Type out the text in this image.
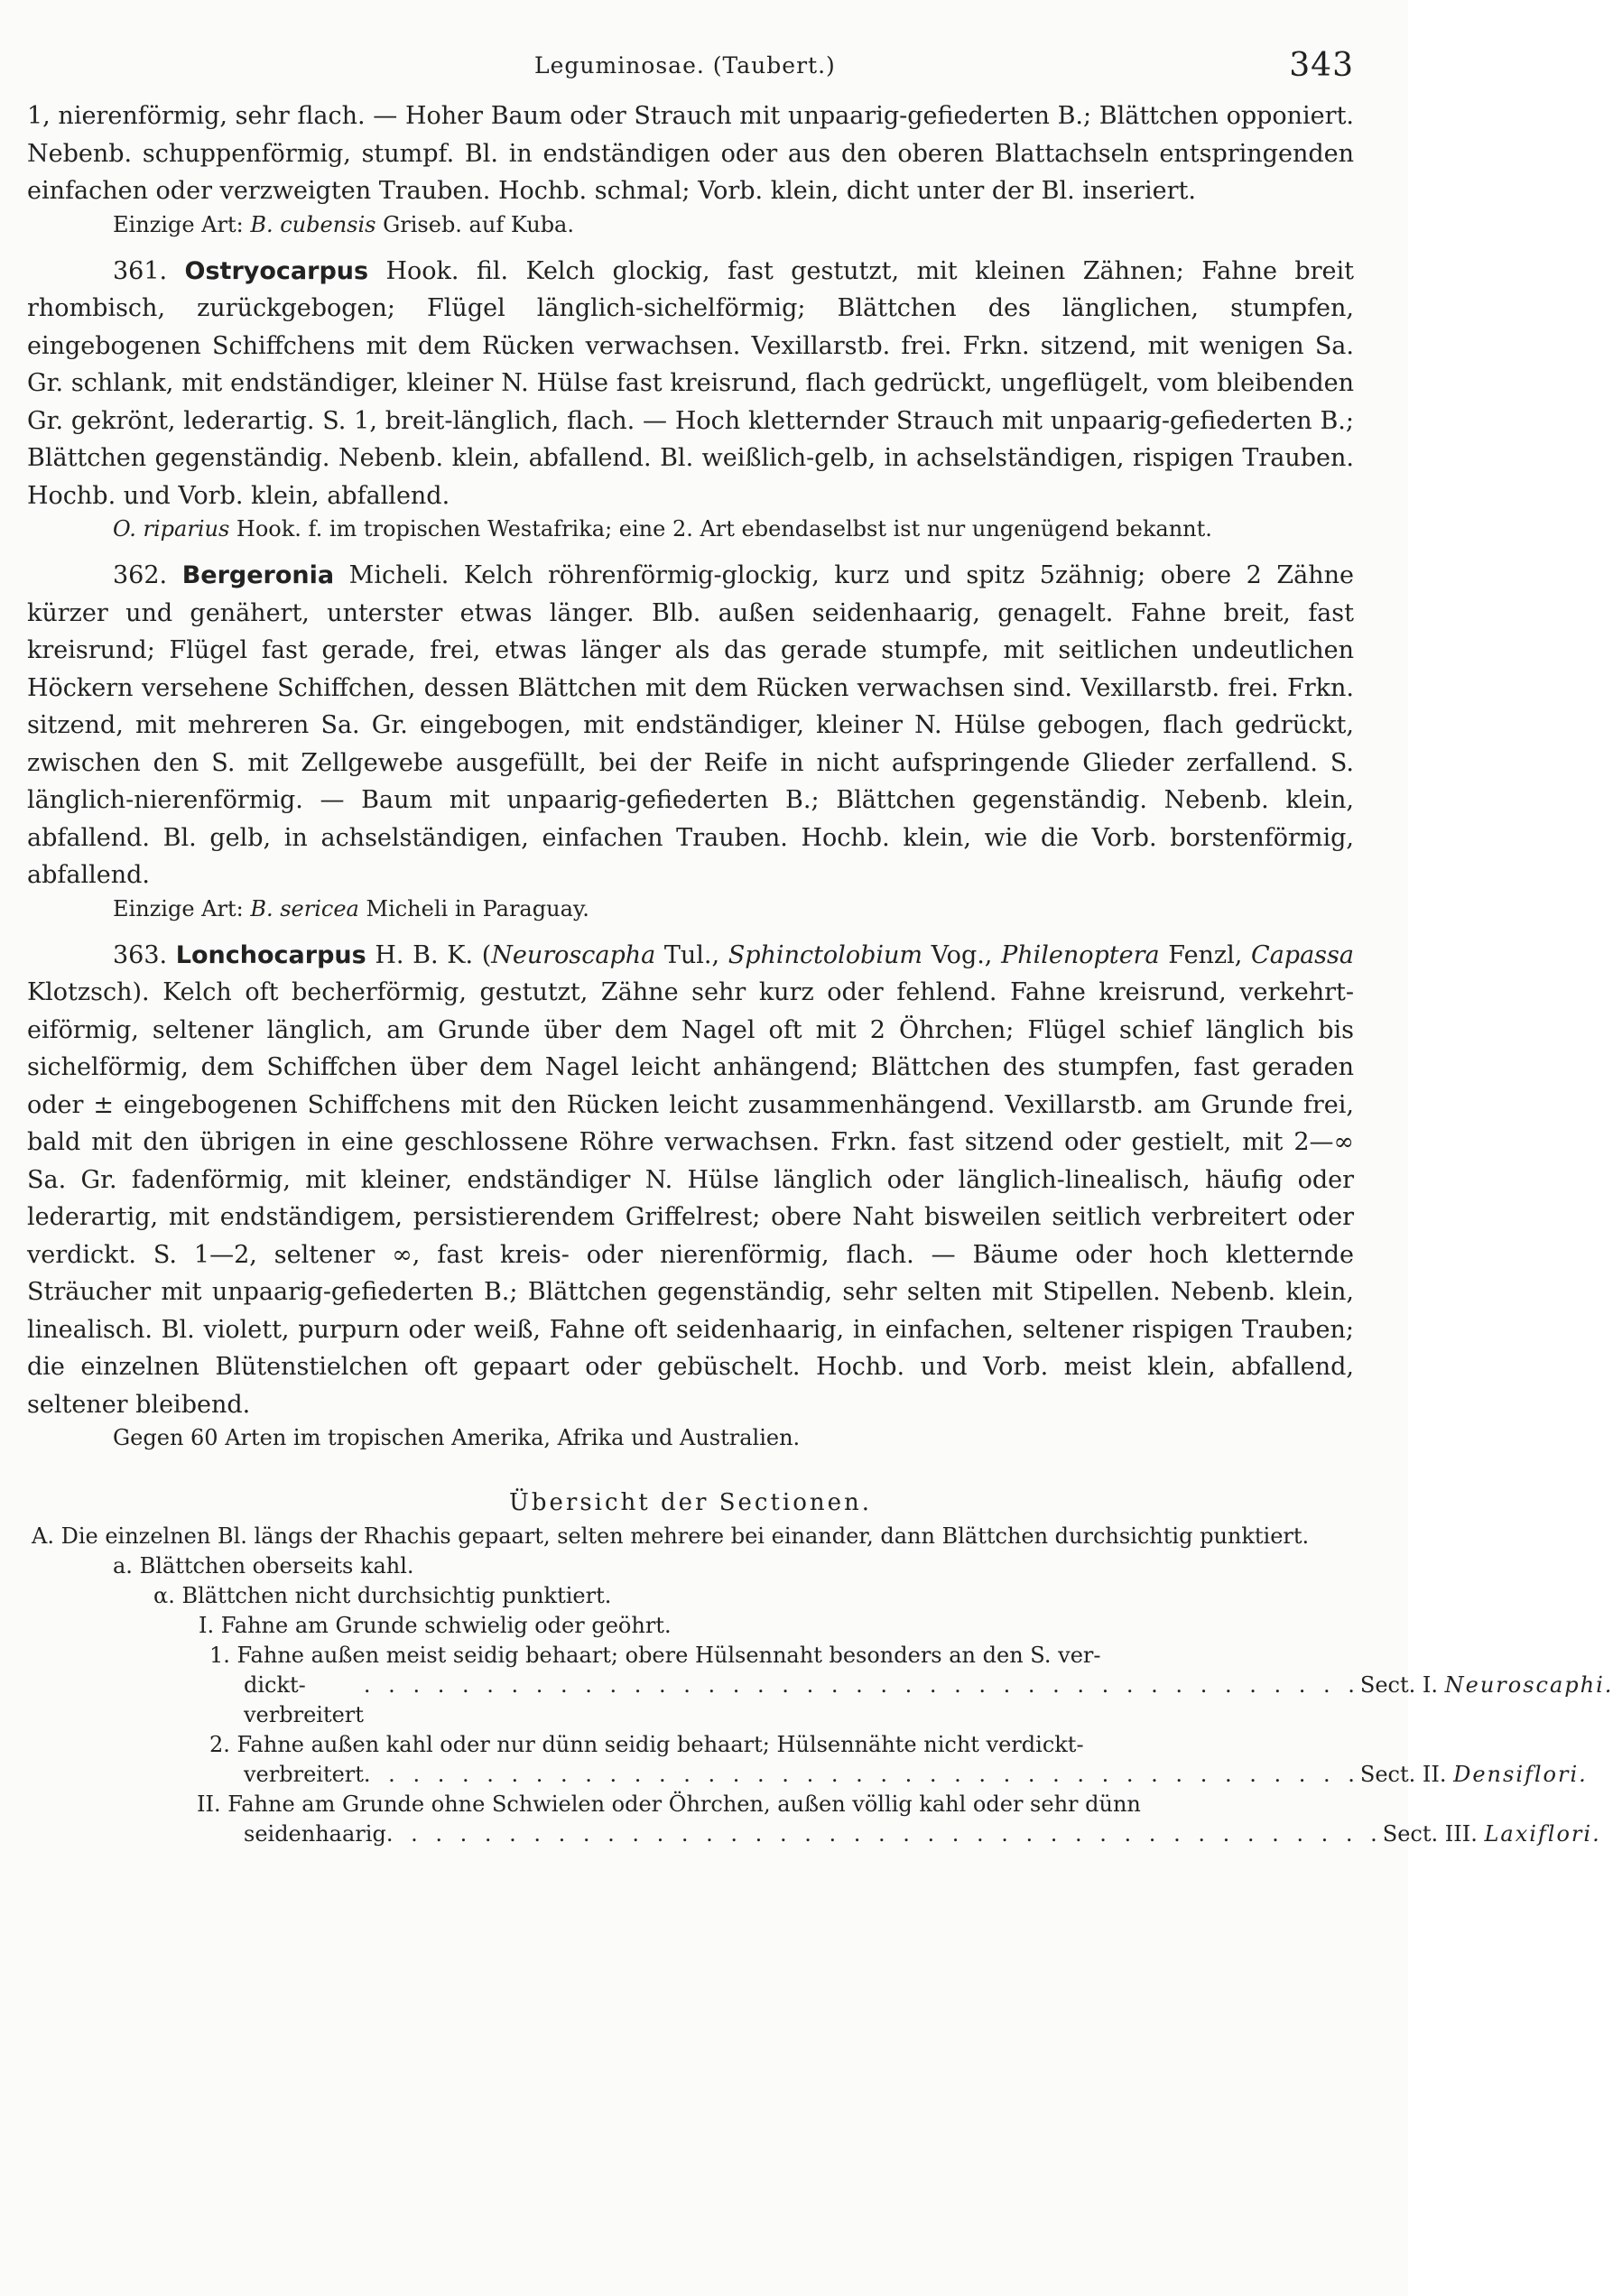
Leguminosae. (Taubert.)	343

1, nierenförmig, sehr flach. — Hoher Baum oder Strauch mit unpaarig-gefiederten B.; Blättchen opponiert. Nebenb. schuppenförmig, stumpf. Bl. in endständigen oder aus den oberen Blattachseln entspringenden einfachen oder verzweigten Trauben. Hochb. schmal; Vorb. klein, dicht unter der Bl. inseriert.

Einzige Art: B. cubensis Griseb. auf Kuba.

361. Ostryocarpus Hook. fil. Kelch glockig, fast gestutzt, mit kleinen Zähnen; Fahne breit rhombisch, zurückgebogen; Flügel länglich-sichelförmig; Blättchen des länglichen, stumpfen, eingebogenen Schiffchens mit dem Rücken verwachsen. Vexillarstb. frei. Frkn. sitzend, mit wenigen Sa. Gr. schlank, mit endständiger, kleiner N. Hülse fast kreisrund, flach gedrückt, ungeflügelt, vom bleibenden Gr. gekrönt, lederartig. S. 1, breit-länglich, flach. — Hoch kletternder Strauch mit unpaarig-gefiederten B.; Blättchen gegenständig. Nebenb. klein, abfallend. Bl. weißlich-gelb, in achselständigen, rispigen Trauben. Hochb. und Vorb. klein, abfallend.

O. riparius Hook. f. im tropischen Westafrika; eine 2. Art ebendaselbst ist nur ungenügend bekannt.

362. Bergeronia Micheli. Kelch röhrenförmig-glockig, kurz und spitz 5zähnig; obere 2 Zähne kürzer und genähert, unterster etwas länger. Blb. außen seidenhaarig, genagelt. Fahne breit, fast kreisrund; Flügel fast gerade, frei, etwas länger als das gerade stumpfe, mit seitlichen undeutlichen Höckern versehene Schiffchen, dessen Blättchen mit dem Rücken verwachsen sind. Vexillarstb. frei. Frkn. sitzend, mit mehreren Sa. Gr. eingebogen, mit endständiger, kleiner N. Hülse gebogen, flach gedrückt, zwischen den S. mit Zellgewebe ausgefüllt, bei der Reife in nicht aufspringende Glieder zerfallend. S. länglich-nierenförmig. — Baum mit unpaarig-gefiederten B.; Blättchen gegenständig. Nebenb. klein, abfallend. Bl. gelb, in achselständigen, einfachen Trauben. Hochb. klein, wie die Vorb. borstenförmig, abfallend.

Einzige Art: B. sericea Micheli in Paraguay.

363. Lonchocarpus H. B. K. (Neuroscapha Tul., Sphinctolobium Vog., Philenoptera Fenzl, Capassa Klotzsch). Kelch oft becherförmig, gestutzt, Zähne sehr kurz oder fehlend. Fahne kreisrund, verkehrt-eiförmig, seltener länglich, am Grunde über dem Nagel oft mit 2 Öhrchen; Flügel schief länglich bis sichelförmig, dem Schiffchen über dem Nagel leicht anhängend; Blättchen des stumpfen, fast geraden oder ± eingebogenen Schiffchens mit den Rücken leicht zusammenhängend. Vexillarstb. am Grunde frei, bald mit den übrigen in eine geschlossene Röhre verwachsen. Frkn. fast sitzend oder gestielt, mit 2—∞ Sa. Gr. fadenförmig, mit kleiner, endständiger N. Hülse länglich oder länglich-linealisch, häufig oder lederartig, mit endständigem, persistierendem Griffelrest; obere Naht bisweilen seitlich verbreitert oder verdickt. S. 1—2, seltener ∞, fast kreis- oder nierenförmig, flach. — Bäume oder hoch kletternde Sträucher mit unpaarig-gefiederten B.; Blättchen gegenständig, sehr selten mit Stipellen. Nebenb. klein, linealisch. Bl. violett, purpurn oder weiß, Fahne oft seidenhaarig, in einfachen, seltener rispigen Trauben; die einzelnen Blütenstielchen oft gepaart oder gebüschelt. Hochb. und Vorb. meist klein, abfallend, seltener bleibend.

Gegen 60 Arten im tropischen Amerika, Afrika und Australien.

Übersicht der Sectionen.

A. Die einzelnen Bl. längs der Rhachis gepaart, selten mehrere bei einander, dann Blättchen durchsichtig punktiert.

a. Blättchen oberseits kahl.

α. Blättchen nicht durchsichtig punktiert.

I. Fahne am Grunde schwielig oder geöhrt.

1. Fahne außen meist seidig behaart; obere Hülsennaht besonders an den S. ver-

dickt-verbreitert
. . . . . . . . . . . . . . . . . . . . . . . . . . . . . . . . . . . . . . . . . Sect. I. Neuroscaphi.

2. Fahne außen kahl oder nur dünn seidig behaart; Hülsennähte nicht verdickt-

verbreitert . . . . . . . . . . . . . . . . . . . . . . . . . . . . . . . . . . . . . . . . . Sect. II. Densiflori.

II. Fahne am Grunde ohne Schwielen oder Öhrchen, außen völlig kahl oder sehr dünn

seidenhaarig . . . . . . . . . . . . . . . . . . . . . . . . . . . . . . . . . . . . . . . . . Sect. III. Laxiflori.
